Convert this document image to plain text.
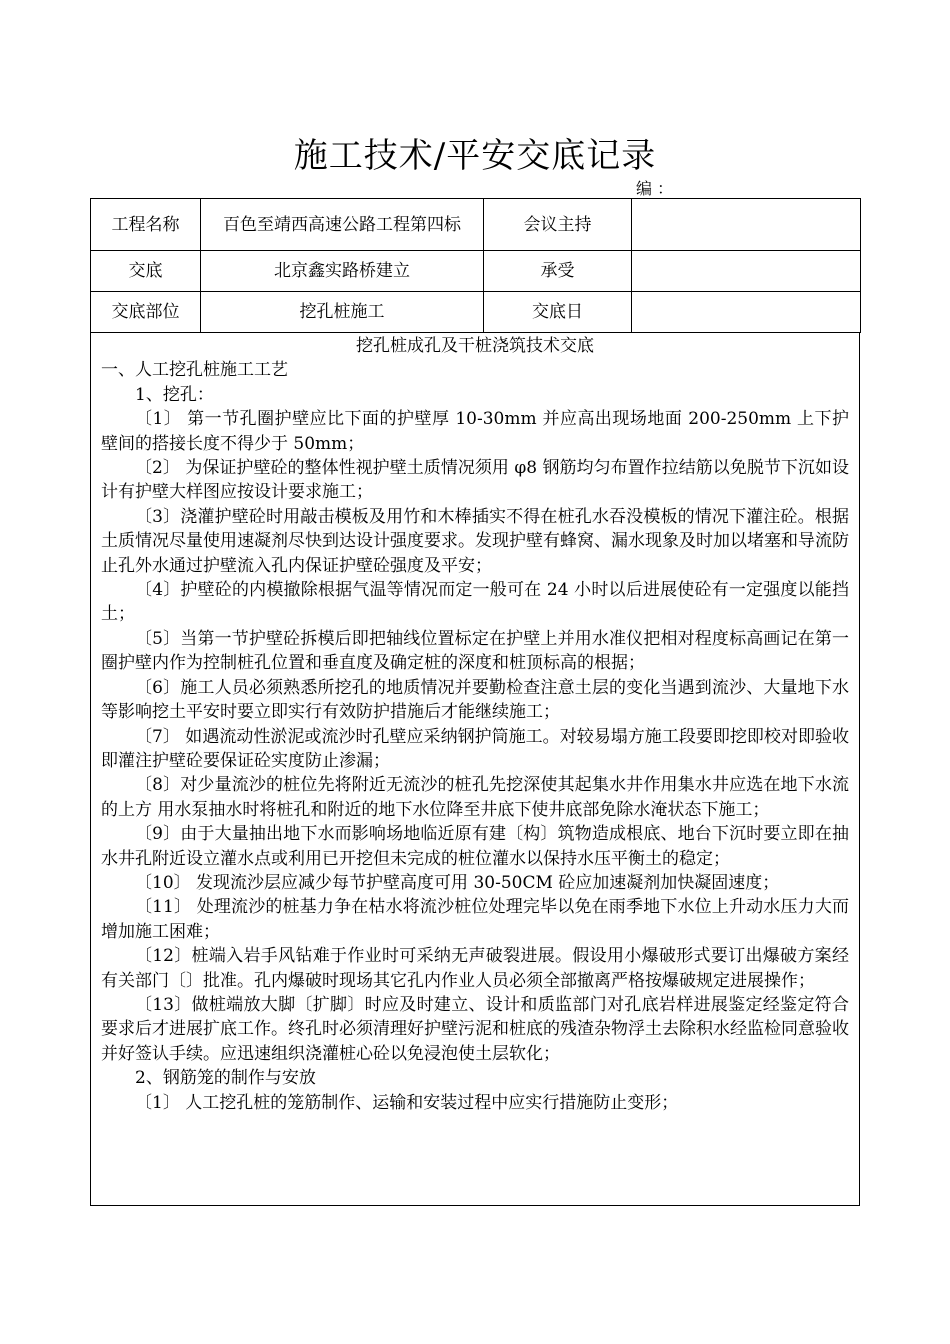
施工技术/平安交底记录
编 ：
工程名称	百色至靖西高速公路工程第四标	会议主持	
交底	北京鑫实路桥建立	承受	
交底部位	挖孔桩施工	交底日	

挖孔桩成孔及干桩浇筑技术交底

一、人工挖孔桩施工工艺

1、挖孔：

〔1〕 第一节孔圈护壁应比下面的护壁厚 10-30mm 并应高出现场地面 200-250mm 上下护壁间的搭接长度不得少于 50mm；

〔2〕 为保证护壁砼的整体性视护壁土质情况须用 φ8 钢筋均匀布置作拉结筋以免脱节下沉如设计有护壁大样图应按设计要求施工；

〔3〕浇灌护壁砼时用敲击模板及用竹和木棒插实不得在桩孔水吞没模板的情况下灌注砼。根据土质情况尽量使用速凝剂尽快到达设计强度要求。发现护壁有蜂窝、漏水现象及时加以堵塞和导流防止孔外水通过护壁流入孔内保证护壁砼强度及平安；

〔4〕护壁砼的内模撤除根据气温等情况而定一般可在 24 小时以后进展使砼有一定强度以能挡土；

〔5〕当第一节护壁砼拆模后即把轴线位置标定在护壁上并用水准仪把相对程度标高画记在第一圈护壁内作为控制桩孔位置和垂直度及确定桩的深度和桩顶标高的根据；

〔6〕施工人员必须熟悉所挖孔的地质情况并要勤检查注意土层的变化当遇到流沙、大量地下水等影响挖土平安时要立即实行有效防护措施后才能继续施工；

〔7〕 如遇流动性淤泥或流沙时孔壁应采纳钢护筒施工。对较易塌方施工段要即挖即校对即验收即灌注护壁砼要保证砼实度防止渗漏；

〔8〕对少量流沙的桩位先将附近无流沙的桩孔先挖深使其起集水井作用集水井应选在地下水流的上方 用水泵抽水时将桩孔和附近的地下水位降至井底下使井底部免除水淹状态下施工；

〔9〕由于大量抽出地下水而影响场地临近原有建〔构〕筑物造成根底、地台下沉时要立即在抽水井孔附近设立灌水点或利用已开挖但未完成的桩位灌水以保持水压平衡土的稳定；

〔10〕 发现流沙层应减少每节护壁高度可用 30-50CM 砼应加速凝剂加快凝固速度；

〔11〕 处理流沙的桩基力争在枯水将流沙桩位处理完毕以免在雨季地下水位上升动水压力大而增加施工困难；

〔12〕桩端入岩手风钻难于作业时可采纳无声破裂进展。假设用小爆破形式要订出爆破方案经有关部门〔〕批准。孔内爆破时现场其它孔内作业人员必须全部撤离严格按爆破规定进展操作；

〔13〕做桩端放大脚〔扩脚〕时应及时建立、设计和质监部门对孔底岩样进展鉴定经鉴定符合要求后才进展扩底工作。终孔时必须清理好护壁污泥和桩底的残渣杂物浮土去除积水经监检同意验收并好签认手续。应迅速组织浇灌桩心砼以免浸泡使土层软化；

2、钢筋笼的制作与安放

〔1〕 人工挖孔桩的笼筋制作、运输和安装过程中应实行措施防止变形；
